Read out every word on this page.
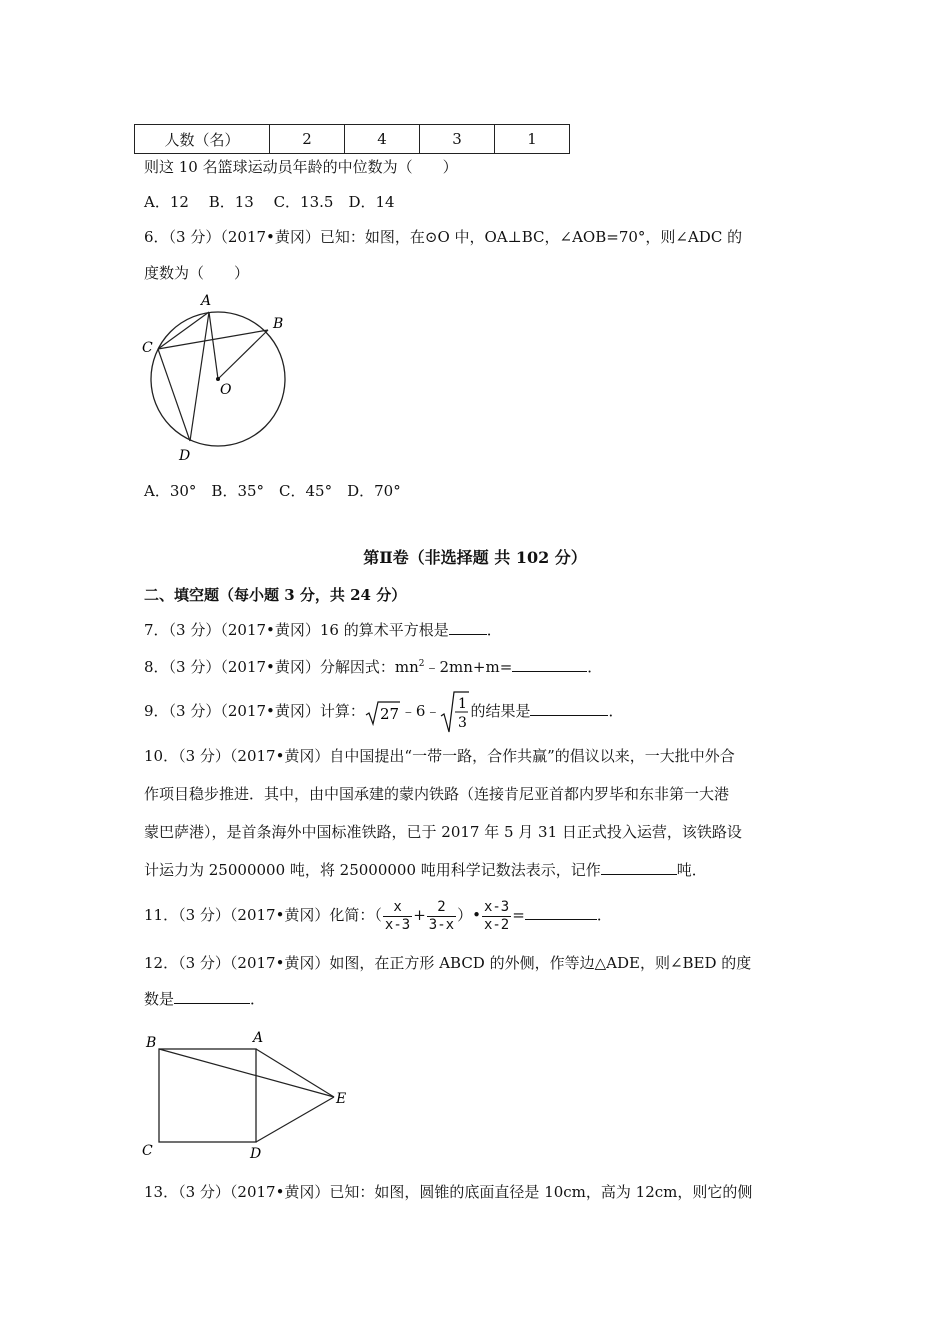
人数（名）	2	4	3	1
则这 10 名篮球运动员年龄的中位数为（　　）
A．12　 B．13　 C．13.5　D．14
6．（3 分）（2017•黄冈）已知：如图，在⊙O 中，OA⊥BC，∠AOB=70°，则∠ADC 的
度数为（　　）
A
B
C
D
O
A．30°　B．35°　C．45°　D．70°
第Ⅱ卷（非选择题 共 102 分）
二、填空题（每小题 3 分，共 24 分）
7．（3 分）（2017•黄冈）16 的算术平方根是	．
8．（3 分）（2017•黄冈）分解因式：$mn^2﹣2mn+m=$	．
9．（3 分）（2017•黄冈）计算： 27 ﹣6﹣ 1
3
的结果是	．
10．（3 分）（2017•黄冈）自中国提出“一带一路，合作共赢”的倡议以来，一大批中外合
作项目稳步推进．其中，由中国承建的蒙内铁路（连接肯尼亚首都内罗毕和东非第一大港
蒙巴萨港），是首条海外中国标准铁路，已于 2017 年 5 月 31 日正式投入运营，该铁路设
计运力为 25000000 吨，将 25000000 吨用科学记数法表示，记作	吨．
11．（3 分）（2017•黄冈）化简：（ $\frac{x}{x-3} + \frac{2}{3-x}$ ）• $\frac{x-3}{x-2}$ =	．
12．（3 分）（2017•黄冈）如图，在正方形 ABCD 的外侧，作等边△ADE，则∠BED 的度
数是	．
B	A
E
C	D
13．（3 分）（2017•黄冈）已知：如图，圆锥的底面直径是 10cm，高为 12cm，则它的侧
